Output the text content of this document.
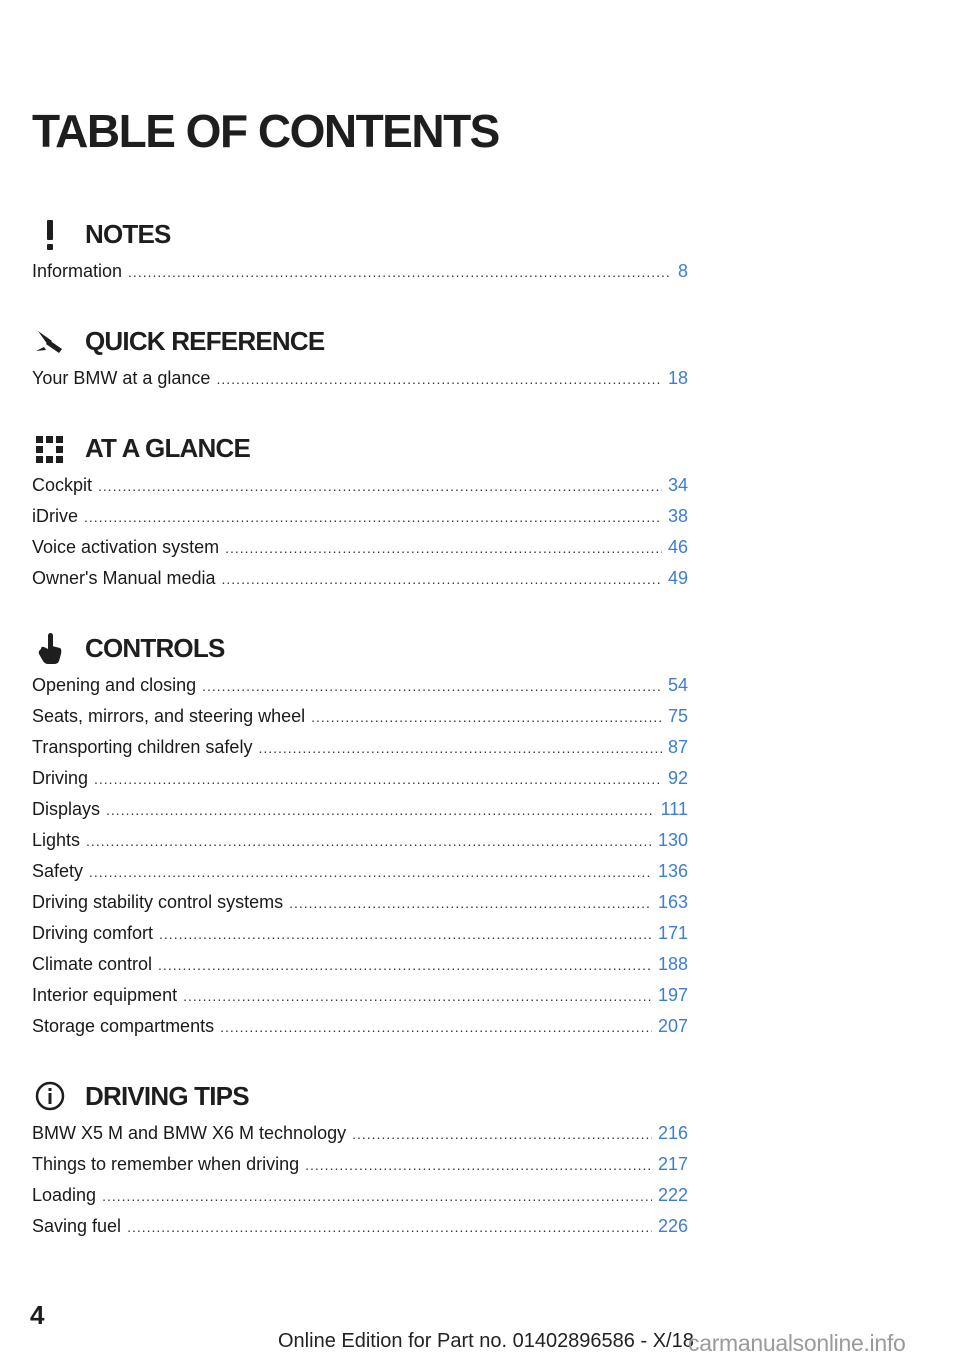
TABLE OF CONTENTS
NOTES
Information .....	8
QUICK REFERENCE
Your BMW at a glance .....	18
AT A GLANCE
Cockpit .....	34
iDrive .....	38
Voice activation system .....	46
Owner's Manual media .....	49
CONTROLS
Opening and closing .....	54
Seats, mirrors, and steering wheel .....	75
Transporting children safely .....	87
Driving .....	92
Displays .....	111
Lights .....	130
Safety .....	136
Driving stability control systems .....	163
Driving comfort .....	171
Climate control .....	188
Interior equipment .....	197
Storage compartments .....	207
DRIVING TIPS
BMW X5 M and BMW X6 M technology .....	216
Things to remember when driving .....	217
Loading .....	222
Saving fuel .....	226
4
Online Edition for Part no. 01402896586 - X/18
carmanualsonline.info
